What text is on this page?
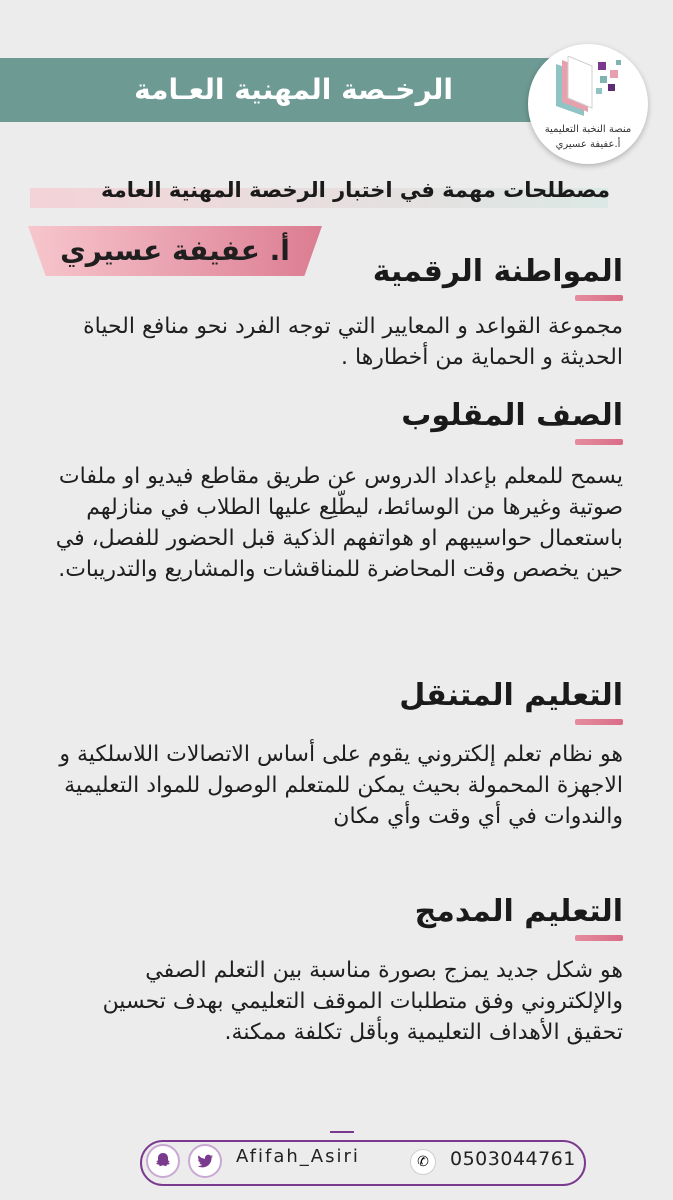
الرخـصة المهنية العـامة
منصة النخبة التعليمية
أ.عفيفة عسيري
مصطلحات مهمة في اختبار الرخصة المهنية العامة
أ. عفيفة عسيري
المواطنة الرقمية
مجموعة القواعد و المعايير التي توجه الفرد نحو منافع الحياة الحديثة و الحماية من أخطارها .
الصف المقلوب
يسمح للمعلم بإعداد الدروس عن طريق مقاطع فيديو او ملفات صوتية وغيرها من الوسائط، ليطّلِع عليها الطلاب في منازلهم باستعمال حواسيبهم او هواتفهم الذكية قبل الحضور للفصل، في حين يخصص وقت المحاضرة للمناقشات والمشاريع والتدريبات.
التعليم المتنقل
هو نظام تعلم إلكتروني يقوم على أساس الاتصالات اللاسلكية و الاجهزة المحمولة بحيث يمكن للمتعلم الوصول للمواد التعليمية والندوات في أي وقت وأي مكان
التعليم المدمج
هو شكل جديد يمزج بصورة مناسبة بين التعلم الصفي والإلكتروني وفق متطلبات الموقف التعليمي بهدف تحسين تحقيق الأهداف التعليمية وبأقل تكلفة ممكنة.
Afifah_Asiri	✆	0503044761
